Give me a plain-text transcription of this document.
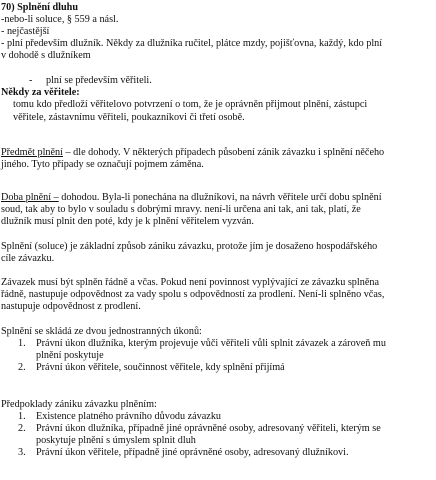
70) Splnění dluhu
-nebo-li soluce, § 559 a násl.
- nejčastější
- plní především dlužník. Někdy za dlužníka ručitel, plátce mzdy, pojišťovna, každý, kdo plní
v dohodě s dlužníkem
- plní se především věřiteli.
Někdy za věřitele:
tomu kdo předloží věřitelovo potvrzení o tom, že je oprávněn přijmout plnění, zástupci
věřitele, zástavnímu věřiteli, poukazníkovi či třetí osobě.
Předmět plnění – dle dohody. V některých případech působení zánik závazku i splnění něčeho
jiného. Tyto případy se označují pojmem záměna.
Doba plnění – dohodou. Byla-li ponechána na dlužníkovi, na návrh věřitele určí dobu splnění
soud, tak aby to bylo v souladu s dobrými mravy. není-li určena ani tak, ani tak, platí, že
dlužník musí plnit den poté, kdy je k plnění věřitelem vyzván.
Splnění (soluce) je základní způsob zániku závazku, protože jím je dosaženo hospodářského
cíle závazku.
Závazek musí být splněn řádně a včas. Pokud není povinnost vyplývající ze závazku splněna
řádně, nastupuje odpovědnost za vady spolu s odpovědností za prodlení. Není-li splněno včas,
nastupuje odpovědnost z prodlení.
Splnění se skládá ze dvou jednostranných úkonů:
1. Právní úkon dlužníka, kterým projevuje vůči věřiteli vůli splnit závazek a zároveň mu
plnění poskytuje
2. Právní úkon věřitele, součinnost věřitele, kdy splnění přijímá
Předpoklady zániku závazku plněním:
1. Existence platného právního důvodu závazku
2. Právní úkon dlužníka, případně jiné oprávněné osoby, adresovaný věřiteli, kterým se
poskytuje plnění s úmyslem splnit dluh
3. Právní úkon věřitele, případně jiné oprávněné osoby, adresovaný dlužníkovi.
